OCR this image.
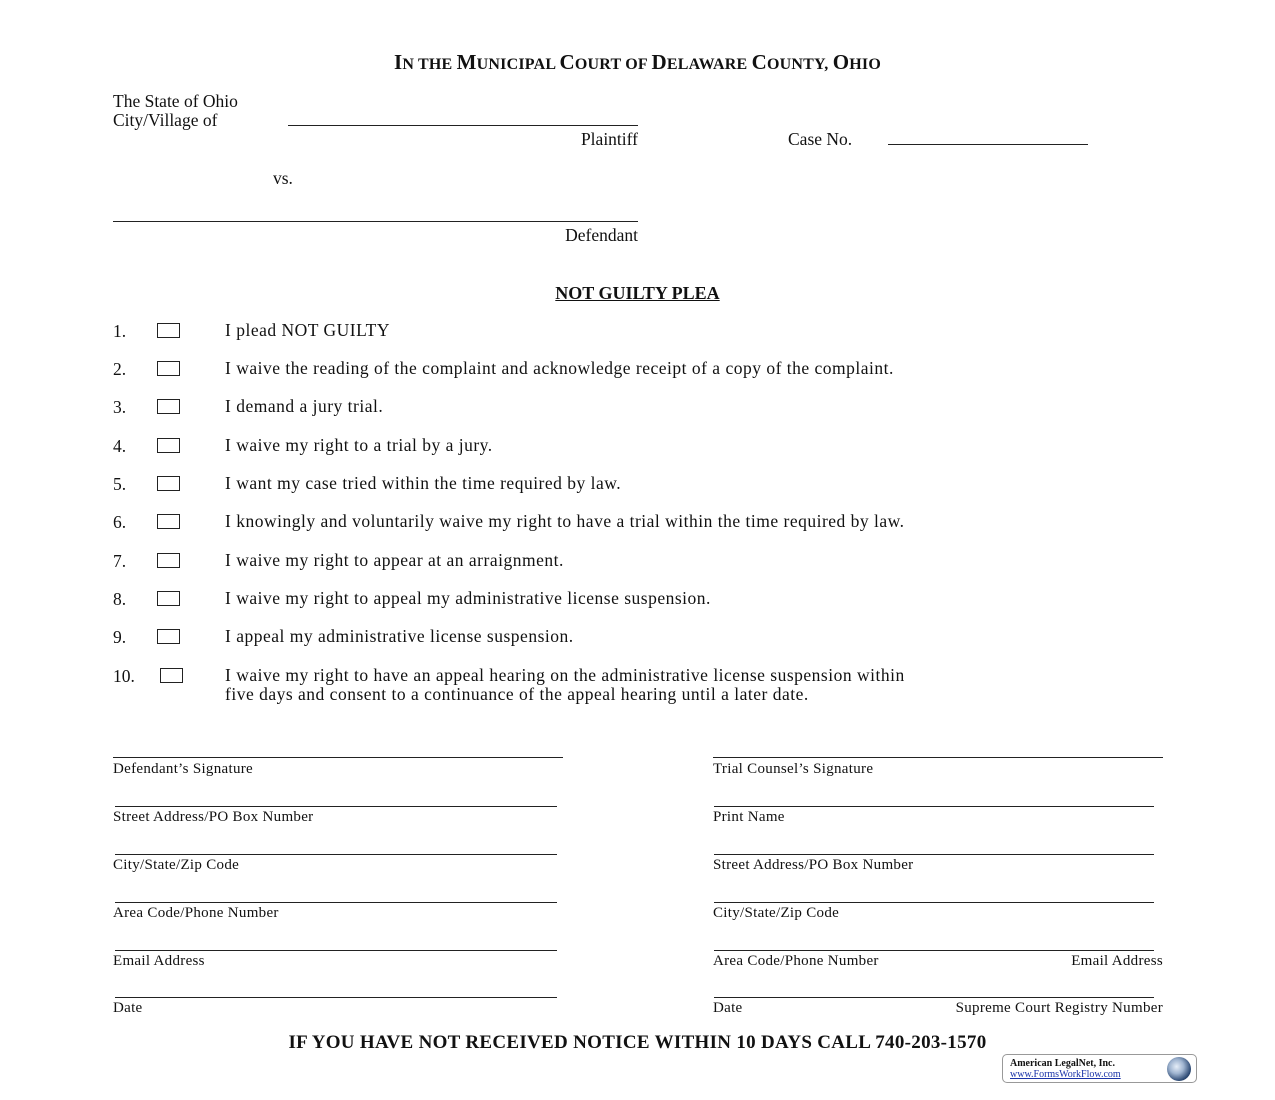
IN THE MUNICIPAL COURT OF DELAWARE COUNTY, OHIO
The State of Ohio
City/Village of
Plaintiff	Case No.
vs.
Defendant
NOT GUILTY PLEA
1.	I plead NOT GUILTY
2.	I waive the reading of the complaint and acknowledge receipt of a copy of the complaint.
3.	I demand a jury trial.
4.	I waive my right to a trial by a jury.
5.	I want my case tried within the time required by law.
6.	I knowingly and voluntarily waive my right to have a trial within the time required by law.
7.	I waive my right to appear at an arraignment.
8.	I waive my right to appeal my administrative license suspension.
9.	I appeal my administrative license suspension.
10.	I waive my right to have an appeal hearing on the administrative license suspension within
five days and consent to a continuance of the appeal hearing until a later date.
Defendant’s Signature
Street Address/PO Box Number
City/State/Zip Code
Area Code/Phone Number
Email Address
Date
Trial Counsel’s Signature
Print Name
Street Address/PO Box Number
City/State/Zip Code
Area Code/Phone Number	Email Address
Date	Supreme Court Registry Number
IF YOU HAVE NOT RECEIVED NOTICE WITHIN 10 DAYS CALL 740-203-1570
American LegalNet, Inc.
www.FormsWorkFlow.com
